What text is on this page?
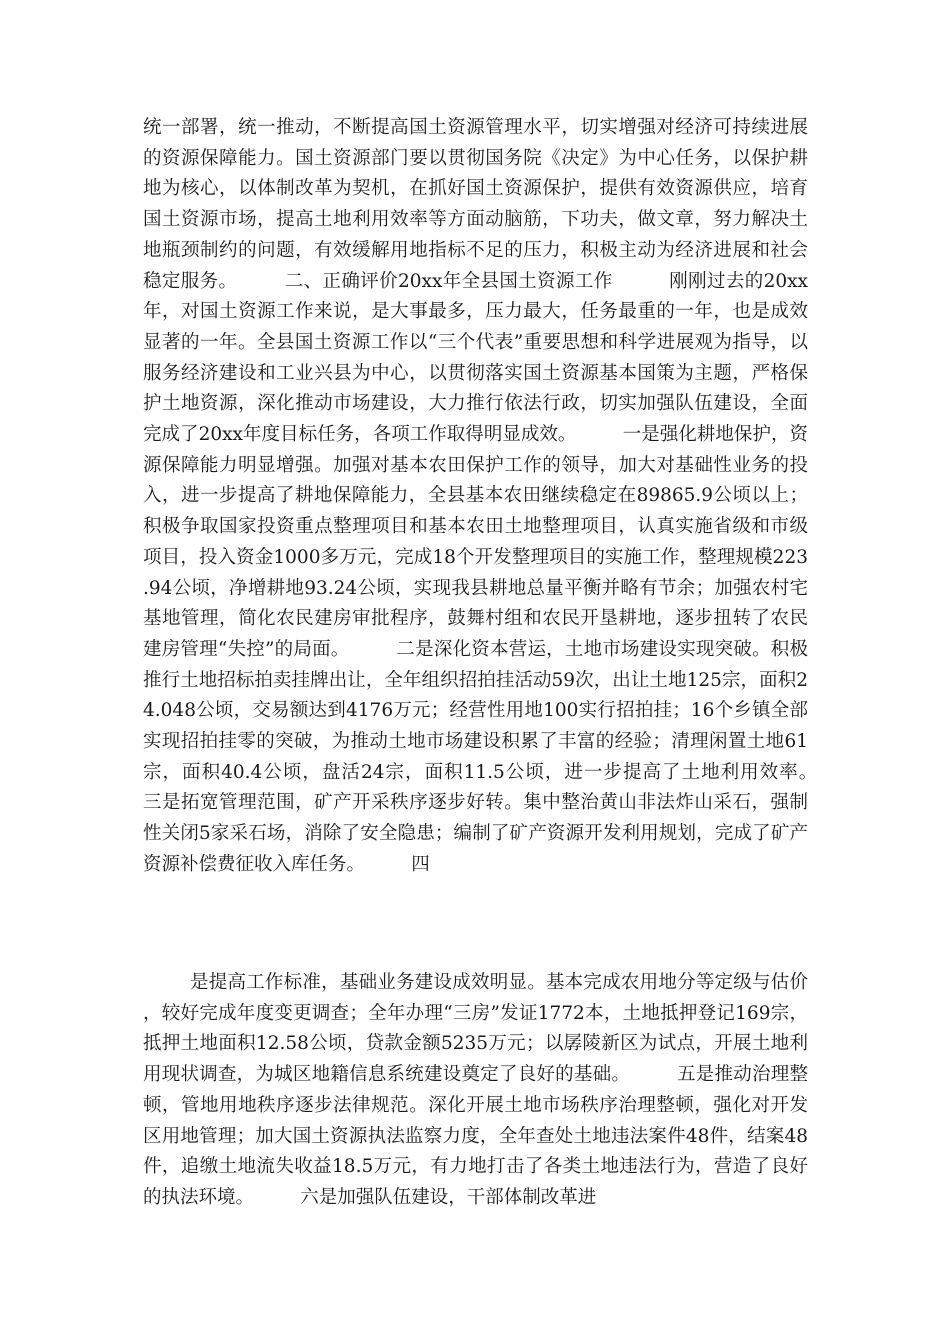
统一部署，统一推动，不断提高国土资源管理水平，切实增强对经济可持续进展的资源保障能力。国土资源部门要以贯彻国务院《决定》为中心任务，以保护耕地为核心，以体制改革为契机，在抓好国土资源保护，提供有效资源供应，培育国土资源市场，提高土地利用效率等方面动脑筋，下功夫，做文章，努力解决土地瓶颈制约的问题，有效缓解用地指标不足的压力，积极主动为经济进展和社会稳定服务。　　　二、正确评价20xx年全县国土资源工作　　　刚刚过去的20xx年，对国土资源工作来说，是大事最多，压力最大，任务最重的一年，也是成效显著的一年。全县国土资源工作以“三个代表”重要思想和科学进展观为指导，以服务经济建设和工业兴县为中心，以贯彻落实国土资源基本国策为主题，严格保护土地资源，深化推动市场建设，大力推行依法行政，切实加强队伍建设，全面完成了20xx年度目标任务，各项工作取得明显成效。　　　一是强化耕地保护，资源保障能力明显增强。加强对基本农田保护工作的领导，加大对基础性业务的投入，进一步提高了耕地保障能力，全县基本农田继续稳定在89865.9公顷以上；积极争取国家投资重点整理项目和基本农田土地整理项目，认真实施省级和市级项目，投入资金1000多万元，完成18个开发整理项目的实施工作，整理规模223.94公顷，净增耕地93.24公顷，实现我县耕地总量平衡并略有节余；加强农村宅基地管理，简化农民建房审批程序，鼓舞村组和农民开垦耕地，逐步扭转了农民建房管理“失控”的局面。　　　二是深化资本营运，土地市场建设实现突破。积极推行土地招标拍卖挂牌出让，全年组织招拍挂活动59次，出让土地125宗，面积24.048公顷，交易额达到4176万元；经营性用地100实行招拍挂；16个乡镇全部实现招拍挂零的突破，为推动土地市场建设积累了丰富的经验；清理闲置土地61宗，面积40.4公顷，盘活24宗，面积11.5公顷，进一步提高了土地利用效率。　　　三是拓宽管理范围，矿产开采秩序逐步好转。集中整治黄山非法炸山采石，强制性关闭5家采石场，消除了安全隐患；编制了矿产资源开发利用规划，完成了矿产资源补偿费征收入库任务。　　　四

是提高工作标准，基础业务建设成效明显。基本完成农用地分等定级与估价，较好完成年度变更调查；全年办理“三房”发证1772本，土地抵押登记169宗，抵押土地面积12.58公顷，贷款金额5235万元；以孱陵新区为试点，开展土地利用现状调查，为城区地籍信息系统建设奠定了良好的基础。　　　五是推动治理整顿，管地用地秩序逐步法律规范。深化开展土地市场秩序治理整顿，强化对开发区用地管理；加大国土资源执法监察力度，全年查处土地违法案件48件，结案48件，追缴土地流失收益18.5万元，有力地打击了各类土地违法行为，营造了良好的执法环境。　　　六是加强队伍建设，干部体制改革进
